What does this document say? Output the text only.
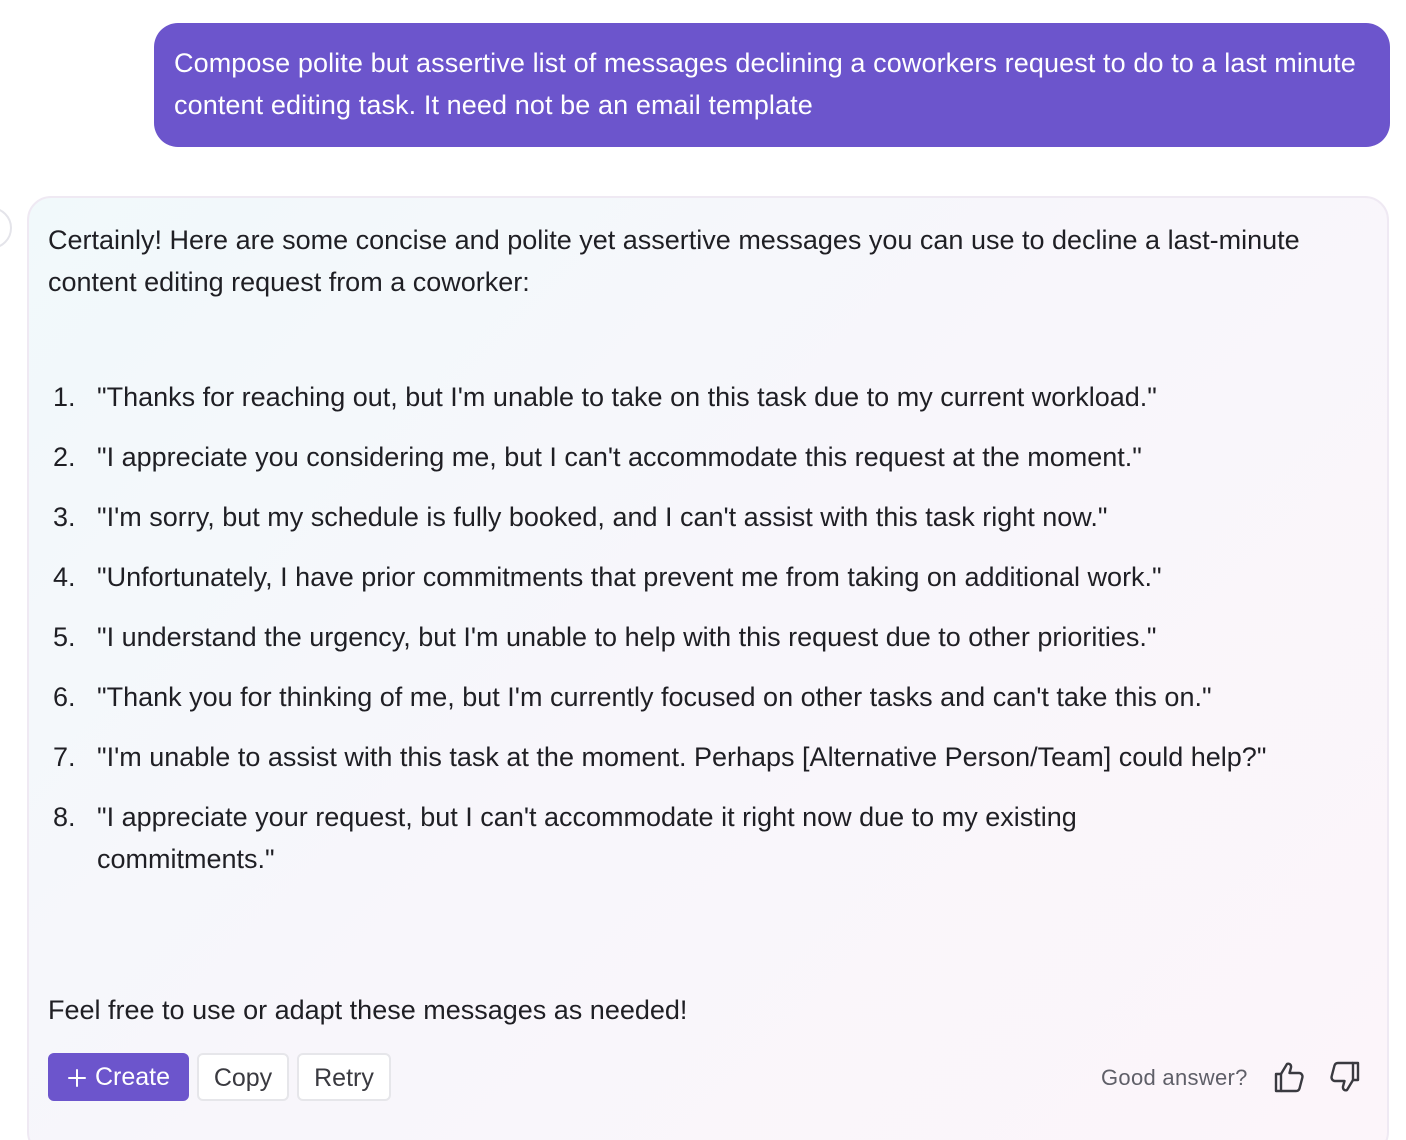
Compose polite but assertive list of messages declining a coworkers request to do to a last minute content editing task. It need not be an email template
Certainly! Here are some concise and polite yet assertive messages you can use to decline a last-minute content editing request from a coworker:
1. "Thanks for reaching out, but I'm unable to take on this task due to my current workload."
2. "I appreciate you considering me, but I can't accommodate this request at the moment."
3. "I'm sorry, but my schedule is fully booked, and I can't assist with this task right now."
4. "Unfortunately, I have prior commitments that prevent me from taking on additional work."
5. "I understand the urgency, but I'm unable to help with this request due to other priorities."
6. "Thank you for thinking of me, but I'm currently focused on other tasks and can't take this on."
7. "I'm unable to assist with this task at the moment. Perhaps [Alternative Person/Team] could help?"
8. "I appreciate your request, but I can't accommodate it right now due to my existing commitments."
Feel free to use or adapt these messages as needed!
Create	Copy	Retry	Good answer?
